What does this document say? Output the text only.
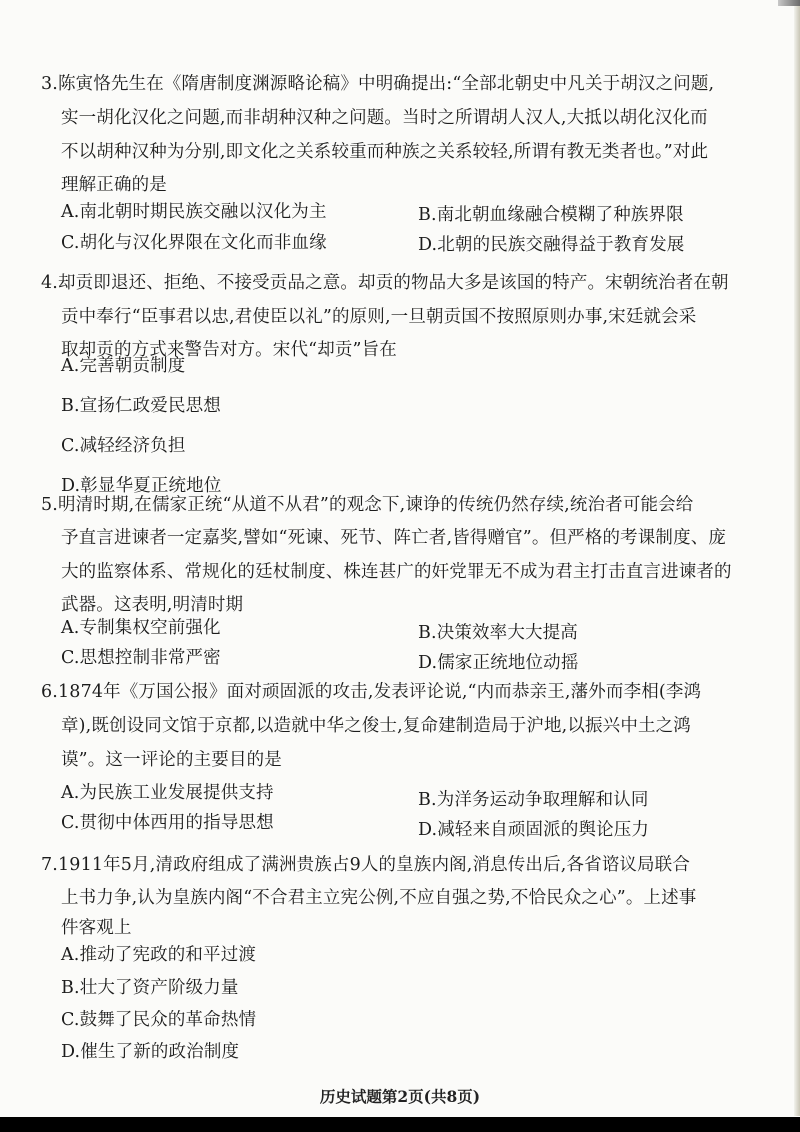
3.陈寅恪先生在《隋唐制度渊源略论稿》中明确提出:“全部北朝史中凡关于胡汉之问题,
实一胡化汉化之问题,而非胡种汉种之问题。当时之所谓胡人汉人,大抵以胡化汉化而
不以胡种汉种为分别,即文化之关系较重而种族之关系较轻,所谓有教无类者也。”对此
理解正确的是
A.南北朝时期民族交融以汉化为主	B.南北朝血缘融合模糊了种族界限
C.胡化与汉化界限在文化而非血缘	D.北朝的民族交融得益于教育发展
4.却贡即退还、拒绝、不接受贡品之意。却贡的物品大多是该国的特产。宋朝统治者在朝
贡中奉行“臣事君以忠,君使臣以礼”的原则,一旦朝贡国不按照原则办事,宋廷就会采
取却贡的方式来警告对方。宋代“却贡”旨在
A.完善朝贡制度
B.宣扬仁政爱民思想
C.减轻经济负担
D.彰显华夏正统地位
5.明清时期,在儒家正统“从道不从君”的观念下,谏诤的传统仍然存续,统治者可能会给
予直言进谏者一定嘉奖,譬如“死谏、死节、阵亡者,皆得赠官”。但严格的考课制度、庞
大的监察体系、常规化的廷杖制度、株连甚广的奸党罪无不成为君主打击直言进谏者的
武器。这表明,明清时期
A.专制集权空前强化	B.决策效率大大提高
C.思想控制非常严密	D.儒家正统地位动摇
6.1874年《万国公报》面对顽固派的攻击,发表评论说,“内而恭亲王,藩外而李相(李鸿
章),既创设同文馆于京都,以造就中华之俊士,复命建制造局于沪地,以振兴中土之鸿
谟”。这一评论的主要目的是
A.为民族工业发展提供支持	B.为洋务运动争取理解和认同
C.贯彻中体西用的指导思想	D.减轻来自顽固派的舆论压力
7.1911年5月,清政府组成了满洲贵族占9人的皇族内阁,消息传出后,各省谘议局联合
上书力争,认为皇族内阁“不合君主立宪公例,不应自强之势,不恰民众之心”。上述事
件客观上
A.推动了宪政的和平过渡
B.壮大了资产阶级力量
C.鼓舞了民众的革命热情
D.催生了新的政治制度
历史试题第2页(共8页)
